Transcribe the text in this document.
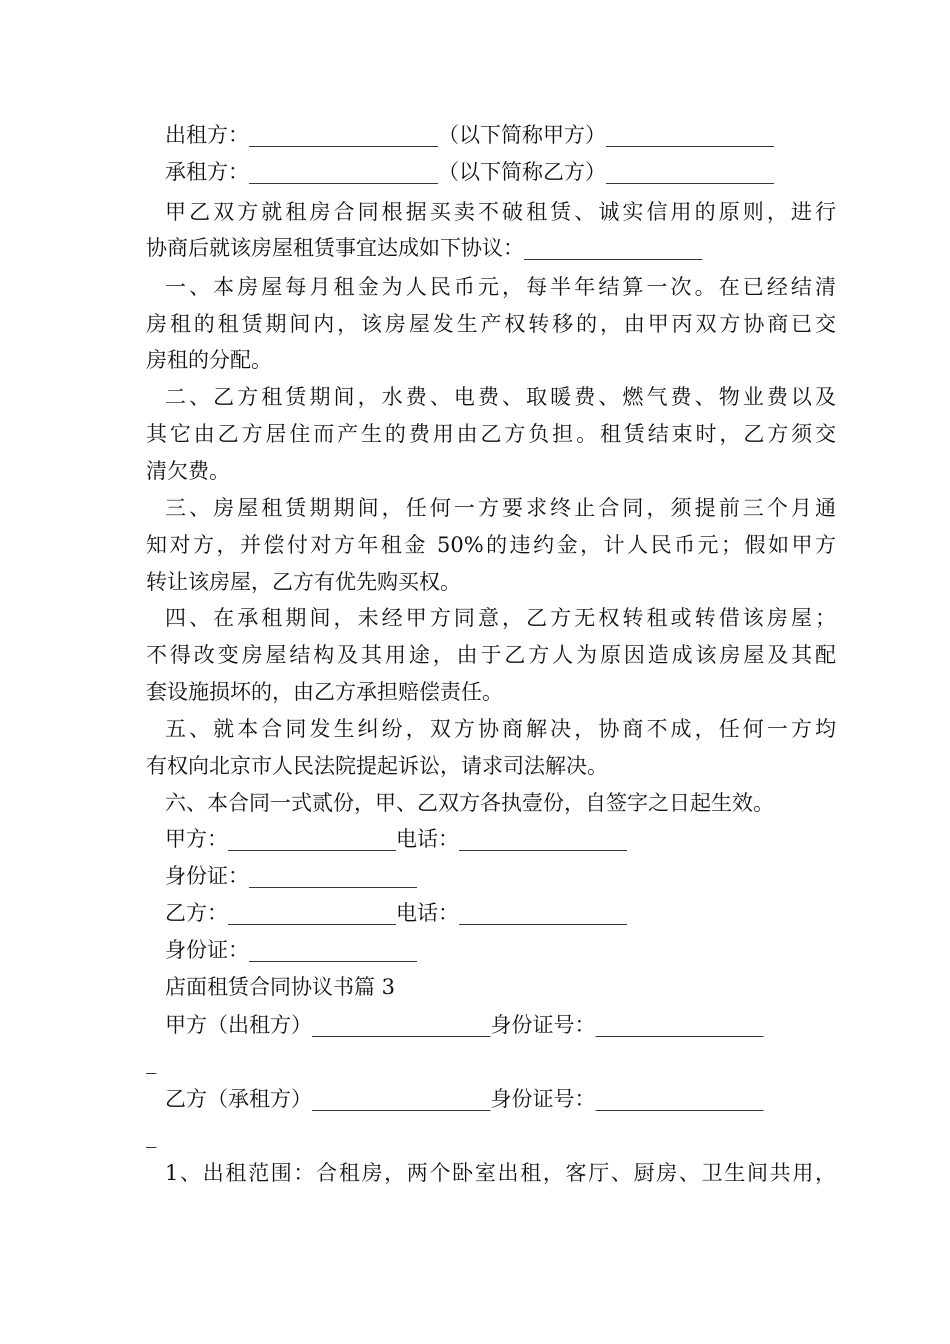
出租方：__________________（以下简称甲方）________________
承租方：__________________（以下简称乙方）________________
甲乙双方就租房合同根据买卖不破租赁、诚实信用的原则，进行
协商后就该房屋租赁事宜达成如下协议：_________________
一、本房屋每月租金为人民币元，每半年结算一次。在已经结清
房租的租赁期间内，该房屋发生产权转移的，由甲丙双方协商已交
房租的分配。
二、乙方租赁期间，水费、电费、取暖费、燃气费、物业费以及
其它由乙方居住而产生的费用由乙方负担。租赁结束时，乙方须交
清欠费。
三、房屋租赁期期间，任何一方要求终止合同，须提前三个月通
知对方，并偿付对方年租金 50%的违约金，计人民币元；假如甲方
转让该房屋，乙方有优先购买权。
四、在承租期间，未经甲方同意，乙方无权转租或转借该房屋；
不得改变房屋结构及其用途，由于乙方人为原因造成该房屋及其配
套设施损坏的，由乙方承担赔偿责任。
五、就本合同发生纠纷，双方协商解决，协商不成，任何一方均
有权向北京市人民法院提起诉讼，请求司法解决。
六、本合同一式贰份，甲、乙双方各执壹份，自签字之日起生效。
甲方：________________电话：________________
身份证：________________
乙方：________________电话：________________
身份证：________________
店面租赁合同协议书篇 3
甲方（出租方）_________________身份证号：________________
_
乙方（承租方）_________________身份证号：________________
_
1、出租范围：合租房，两个卧室出租，客厅、厨房、卫生间共用，
